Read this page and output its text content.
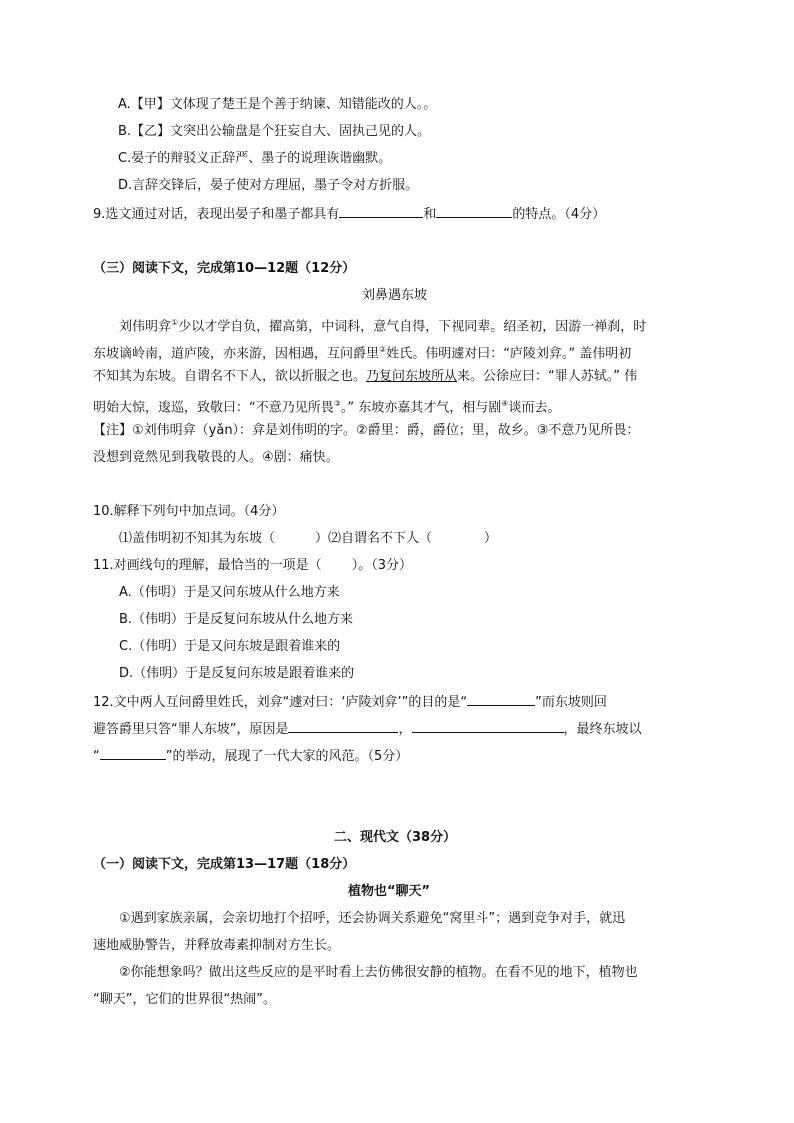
A.【甲】文体现了楚王是个善于纳谏、知错能改的人。。
B.【乙】文突出公输盘是个狂妄自大、固执己见的人。
C.晏子的辩驳义正辞严、墨子的说理诙谐幽默。
D.言辞交锋后，晏子使对方理屈，墨子令对方折服。
9.选文通过对话，表现出晏子和墨子都具有	和	的特点。（4分）
（三）阅读下文，完成第10—12题（12分）
刘鼻遇东坡
刘伟明弇①少以才学自负，擢高第，中词科，意气自得，下视同辈。绍圣初，因游一禅刹，时
东坡谪岭南，道庐陵，亦来游，因相遇，互问爵里②姓氏。伟明遽对曰：“庐陵刘弇。” 盖伟明初
不知其为东坡。自谓名不下人，欲以折服之也。乃复问东坡所从来。公徐应曰：“罪人苏轼。” 伟
明始大惊，逡巡，致敬曰：“不意乃见所畏③。” 东坡亦嘉其才气，相与剧④谈而去。
【注】①刘伟明弇（yǎn）：弇是刘伟明的字。②爵里：爵，爵位；里，故乡。③不意乃见所畏：
没想到竟然见到我敬畏的人。④剧：痛快。
10.解释下列句中加点词。（4分）
⑴盖伟明初不知其为东坡（	）⑵自谓名不下人（	）
11.对画线句的理解，最恰当的一项是（ ）。（3分）
A.（伟明）于是又问东坡从什么地方来
B.（伟明）于是反复问东坡从什么地方来
C.（伟明）于是又问东坡是跟着谁来的
D.（伟明）于是反复问东坡是跟着谁来的
12.文中两人互问爵里姓氏，刘弇“遽对曰：‘庐陵刘弇’”的目的是“	”而东坡则回
避答爵里只答“罪人东坡”，原因是	，	，最终东坡以
“	”的举动，展现了一代大家的风范。（5分）
二、现代文（38分）
（一）阅读下文，完成第13—17题（18分）
植物也“聊天”
①遇到家族亲属，会亲切地打个招呼，还会协调关系避免“窝里斗”；遇到竞争对手，就迅
速地威胁警告，并释放毒素抑制对方生长。
②你能想象吗？做出这些反应的是平时看上去仿佛很安静的植物。在看不见的地下，植物也
“聊天”，它们的世界很“热闹”。
